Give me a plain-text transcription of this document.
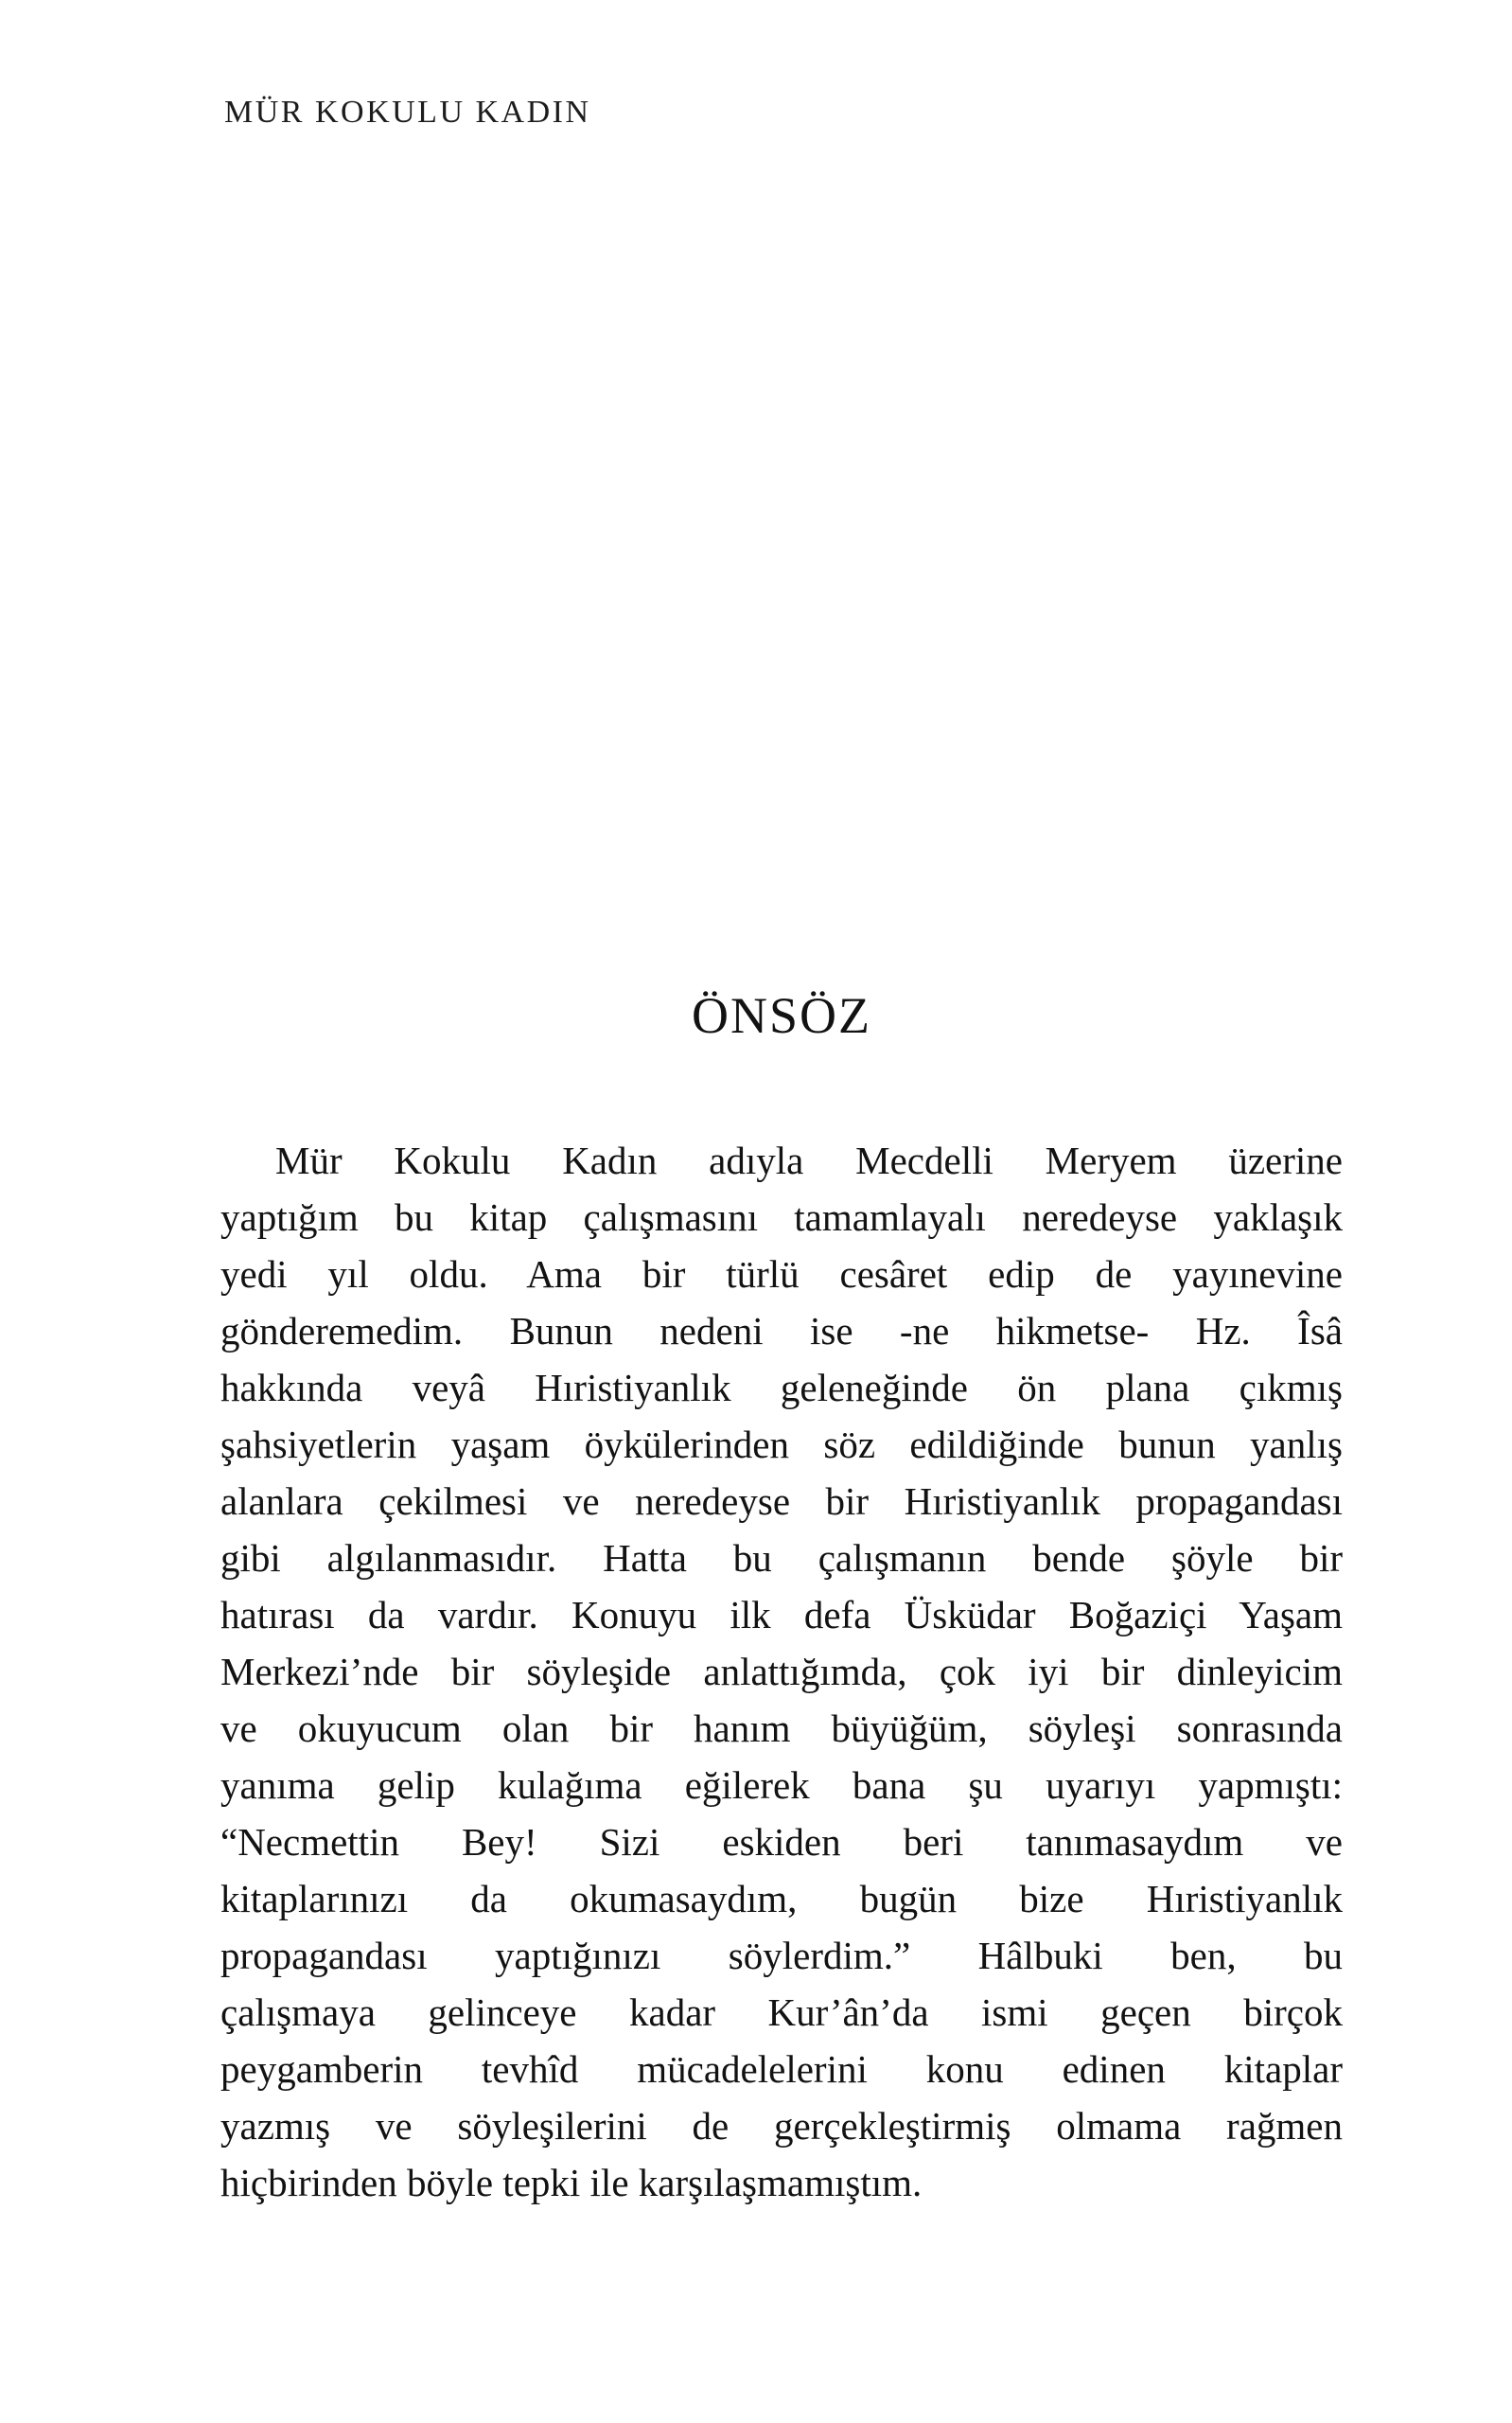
MÜR KOKULU KADIN
ÖNSÖZ
Mür Kokulu Kadın adıyla Mecdelli Meryem üzerine
yaptığım bu kitap çalışmasını tamamlayalı neredeyse yaklaşık
yedi yıl oldu. Ama bir türlü cesâret edip de yayınevine
gönderemedim. Bunun nedeni ise -ne hikmetse- Hz. Îsâ
hakkında veyâ Hıristiyanlık geleneğinde ön plana çıkmış
şahsiyetlerin yaşam öykülerinden söz edildiğinde bunun yanlış
alanlara çekilmesi ve neredeyse bir Hıristiyanlık propagandası
gibi algılanmasıdır. Hatta bu çalışmanın bende şöyle bir
hatırası da vardır. Konuyu ilk defa Üsküdar Boğaziçi Yaşam
Merkezi’nde bir söyleşide anlattığımda, çok iyi bir dinleyicim
ve okuyucum olan bir hanım büyüğüm, söyleşi sonrasında
yanıma gelip kulağıma eğilerek bana şu uyarıyı yapmıştı:
“Necmettin Bey! Sizi eskiden beri tanımasaydım ve
kitaplarınızı da okumasaydım, bugün bize Hıristiyanlık
propagandası yaptığınızı söylerdim.” Hâlbuki ben, bu
çalışmaya gelinceye kadar Kur’ân’da ismi geçen birçok
peygamberin tevhîd mücadelelerini konu edinen kitaplar
yazmış ve söyleşilerini de gerçekleştirmiş olmama rağmen
hiçbirinden böyle tepki ile karşılaşmamıştım.
